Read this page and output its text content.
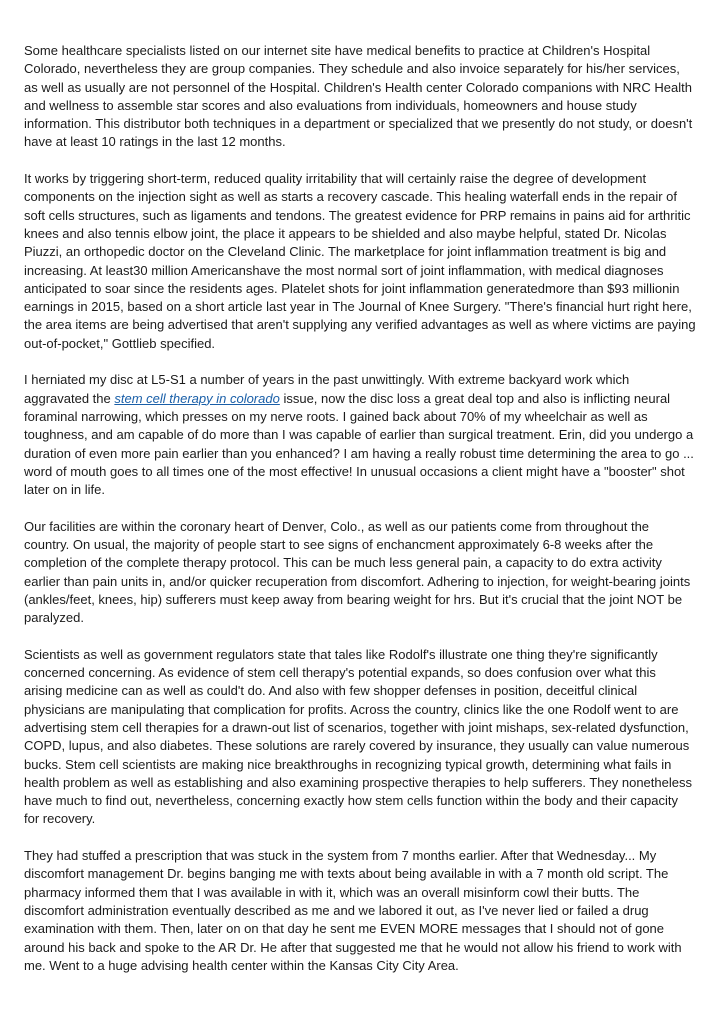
Some healthcare specialists listed on our internet site have medical benefits to practice at Children's Hospital Colorado, nevertheless they are group companies. They schedule and also invoice separately for his/her services, as well as usually are not personnel of the Hospital. Children's Health center Colorado companions with NRC Health and wellness to assemble star scores and also evaluations from individuals, homeowners and house study information. This distributor both techniques in a department or specialized that we presently do not study, or doesn't have at least 10 ratings in the last 12 months.

It works by triggering short-term, reduced quality irritability that will certainly raise the degree of development components on the injection sight as well as starts a recovery cascade. This healing waterfall ends in the repair of soft cells structures, such as ligaments and tendons. The greatest evidence for PRP remains in pains aid for arthritic knees and also tennis elbow joint, the place it appears to be shielded and also maybe helpful, stated Dr. Nicolas Piuzzi, an orthopedic doctor on the Cleveland Clinic. The marketplace for joint inflammation treatment is big and increasing. At least30 million Americanshave the most normal sort of joint inflammation, with medical diagnoses anticipated to soar since the residents ages. Platelet shots for joint inflammation generatedmore than $93 millionin earnings in 2015, based on a short article last year in The Journal of Knee Surgery. "There's financial hurt right here, the area items are being advertised that aren't supplying any verified advantages as well as where victims are paying out-of-pocket," Gottlieb specified.

I herniated my disc at L5-S1 a number of years in the past unwittingly. With extreme backyard work which aggravated the stem cell therapy in colorado issue, now the disc loss a great deal top and also is inflicting neural foraminal narrowing, which presses on my nerve roots. I gained back about 70% of my wheelchair as well as toughness, and am capable of do more than I was capable of earlier than surgical treatment. Erin, did you undergo a duration of even more pain earlier than you enhanced? I am having a really robust time determining the area to go ... word of mouth goes to all times one of the most effective! In unusual occasions a client might have a "booster" shot later on in life.

Our facilities are within the coronary heart of Denver, Colo., as well as our patients come from throughout the country. On usual, the majority of people start to see signs of enchancment approximately 6-8 weeks after the completion of the complete therapy protocol. This can be much less general pain, a capacity to do extra activity earlier than pain units in, and/or quicker recuperation from discomfort. Adhering to injection, for weight-bearing joints (ankles/feet, knees, hip) sufferers must keep away from bearing weight for hrs. But it's crucial that the joint NOT be paralyzed.

Scientists as well as government regulators state that tales like Rodolf's illustrate one thing they're significantly concerned concerning. As evidence of stem cell therapy's potential expands, so does confusion over what this arising medicine can as well as could't do. And also with few shopper defenses in position, deceitful clinical physicians are manipulating that complication for profits. Across the country, clinics like the one Rodolf went to are advertising stem cell therapies for a drawn-out list of scenarios, together with joint mishaps, sex-related dysfunction, COPD, lupus, and also diabetes. These solutions are rarely covered by insurance, they usually can value numerous bucks. Stem cell scientists are making nice breakthroughs in recognizing typical growth, determining what fails in health problem as well as establishing and also examining prospective therapies to help sufferers. They nonetheless have much to find out, nevertheless, concerning exactly how stem cells function within the body and their capacity for recovery.

They had stuffed a prescription that was stuck in the system from 7 months earlier. After that Wednesday... My discomfort management Dr. begins banging me with texts about being available in with a 7 month old script. The pharmacy informed them that I was available in with it, which was an overall misinform cowl their butts. The discomfort administration eventually described as me and we labored it out, as I've never lied or failed a drug examination with them. Then, later on on that day he sent me EVEN MORE messages that I should not of gone around his back and spoke to the AR Dr. He after that suggested me that he would not allow his friend to work with me. Went to a huge advising health center within the Kansas City City Area.
